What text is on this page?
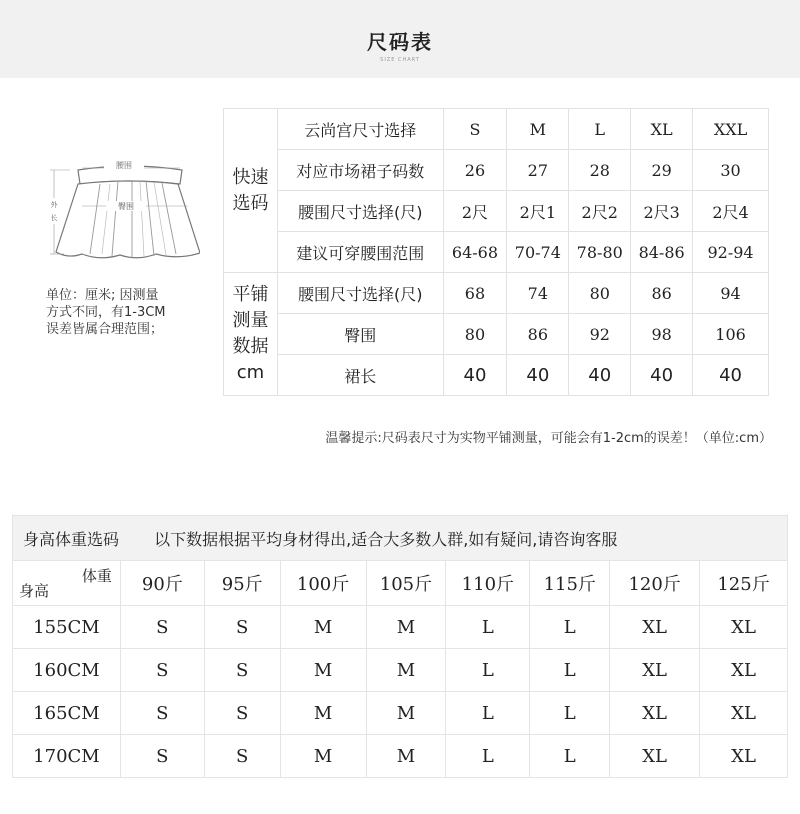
尺码表
SIZE CHART
腰围
臀围
外
长
单位：厘米; 因测量
方式不同，有1-3CM
误差皆属合理范围；
快速
选码	云尚宫尺寸选择	S	M	L	XL	XXL
	对应市场裙子码数	26	27	28	29	30
	腰围尺寸选择(尺)	2尺	2尺1	2尺2	2尺3	2尺4
	建议可穿腰围范围	64-68	70-74	78-80	84-86	92-94

平铺
测量
数据
cm	腰围尺寸选择(尺)	68	74	80	86	94
	臀围	80	86	92	98	106
	裙长	40	40	40	40	40
温馨提示:尺码表尺寸为实物平铺测量，可能会有1-2cm的误差！（单位:cm）
身高体重选码 以下数据根据平均身材得出,适合大多数人群,如有疑问,请咨询客服								

体重
身高	90斤	95斤	100斤	105斤	110斤	115斤	120斤	125斤
155CM	S	S	M	M	L	L	XL	XL
160CM	S	S	M	M	L	L	XL	XL
165CM	S	S	M	M	L	L	XL	XL
170CM	S	S	M	M	L	L	XL	XL
